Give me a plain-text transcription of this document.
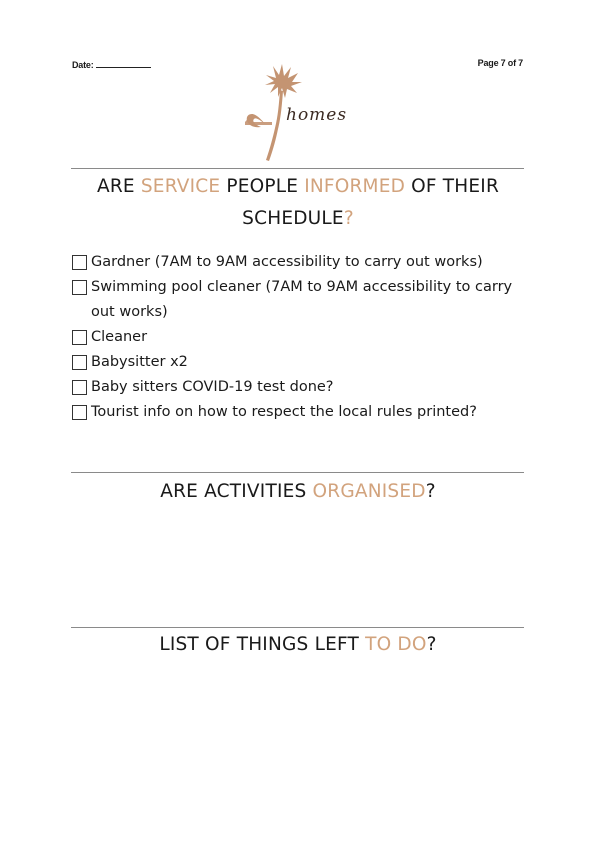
Date:	Page 7 of 7
homes
ARE SERVICE PEOPLE INFORMED OF THEIR
SCHEDULE?
Gardner (7AM to 9AM accessibility to carry out works)
Swimming pool cleaner (7AM to 9AM accessibility to carry out works)
Cleaner
Babysitter x2
Baby sitters COVID-19 test done?
Tourist info on how to respect the local rules printed?
ARE ACTIVITIES ORGANISED?
LIST OF THINGS LEFT TO DO?
